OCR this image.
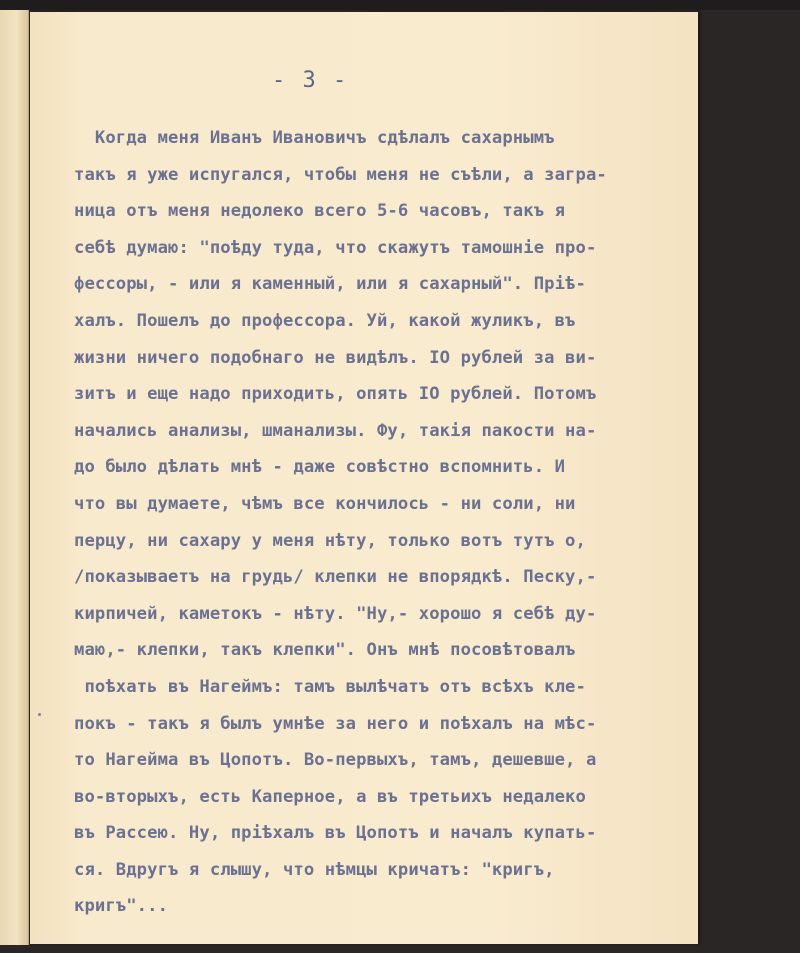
- 3 -
Когда меня Иванъ Ивановичъ сдѣлалъ сахарнымъ
такъ я уже испугался, чтобы меня не съѣли, а загра-
ница отъ меня недолеко всего 5-6 часовъ, такъ я
себѣ думаю: "поѣду туда, что скажутъ тамошніе про-
фессоры, - или я каменный, или я сахарный". Пріѣ-
халъ. Пошелъ до профессора. Уй, какой жуликъ, въ
жизни ничего подобнаго не видѣлъ. IO рублей за ви-
зитъ и еще надо приходить, опять IO рублей. Потомъ
начались анализы, шманализы. Фу, такія пакости на-
до было дѣлать мнѣ - даже совѣстно вспомнить. И
что вы думаете, чѣмъ все кончилось - ни соли, ни
перцу, ни сахару у меня нѣту, только вотъ тутъ о,
/показываетъ на грудь/ клепки не впорядкѣ. Песку,-
кирпичей, каметокъ - нѣту. "Ну,- хорошо я себѣ ду-
маю,- клепки, такъ клепки". Онъ мнѣ посовѣтовалъ
поѣхать въ Нагеймъ: тамъ вылѣчатъ отъ всѣхъ кле-
покъ - такъ я былъ умнѣе за него и поѣхалъ на мѣс-
то Нагейма въ Цопотъ. Во-первыхъ, тамъ, дешевше, а
во-вторыхъ, есть Каперное, а въ третьихъ недалеко
въ Рассею. Ну, пріѣхалъ въ Цопотъ и началъ купать-
ся. Вдругъ я слышу, что нѣмцы кричатъ: "кригъ,
кригъ"...
